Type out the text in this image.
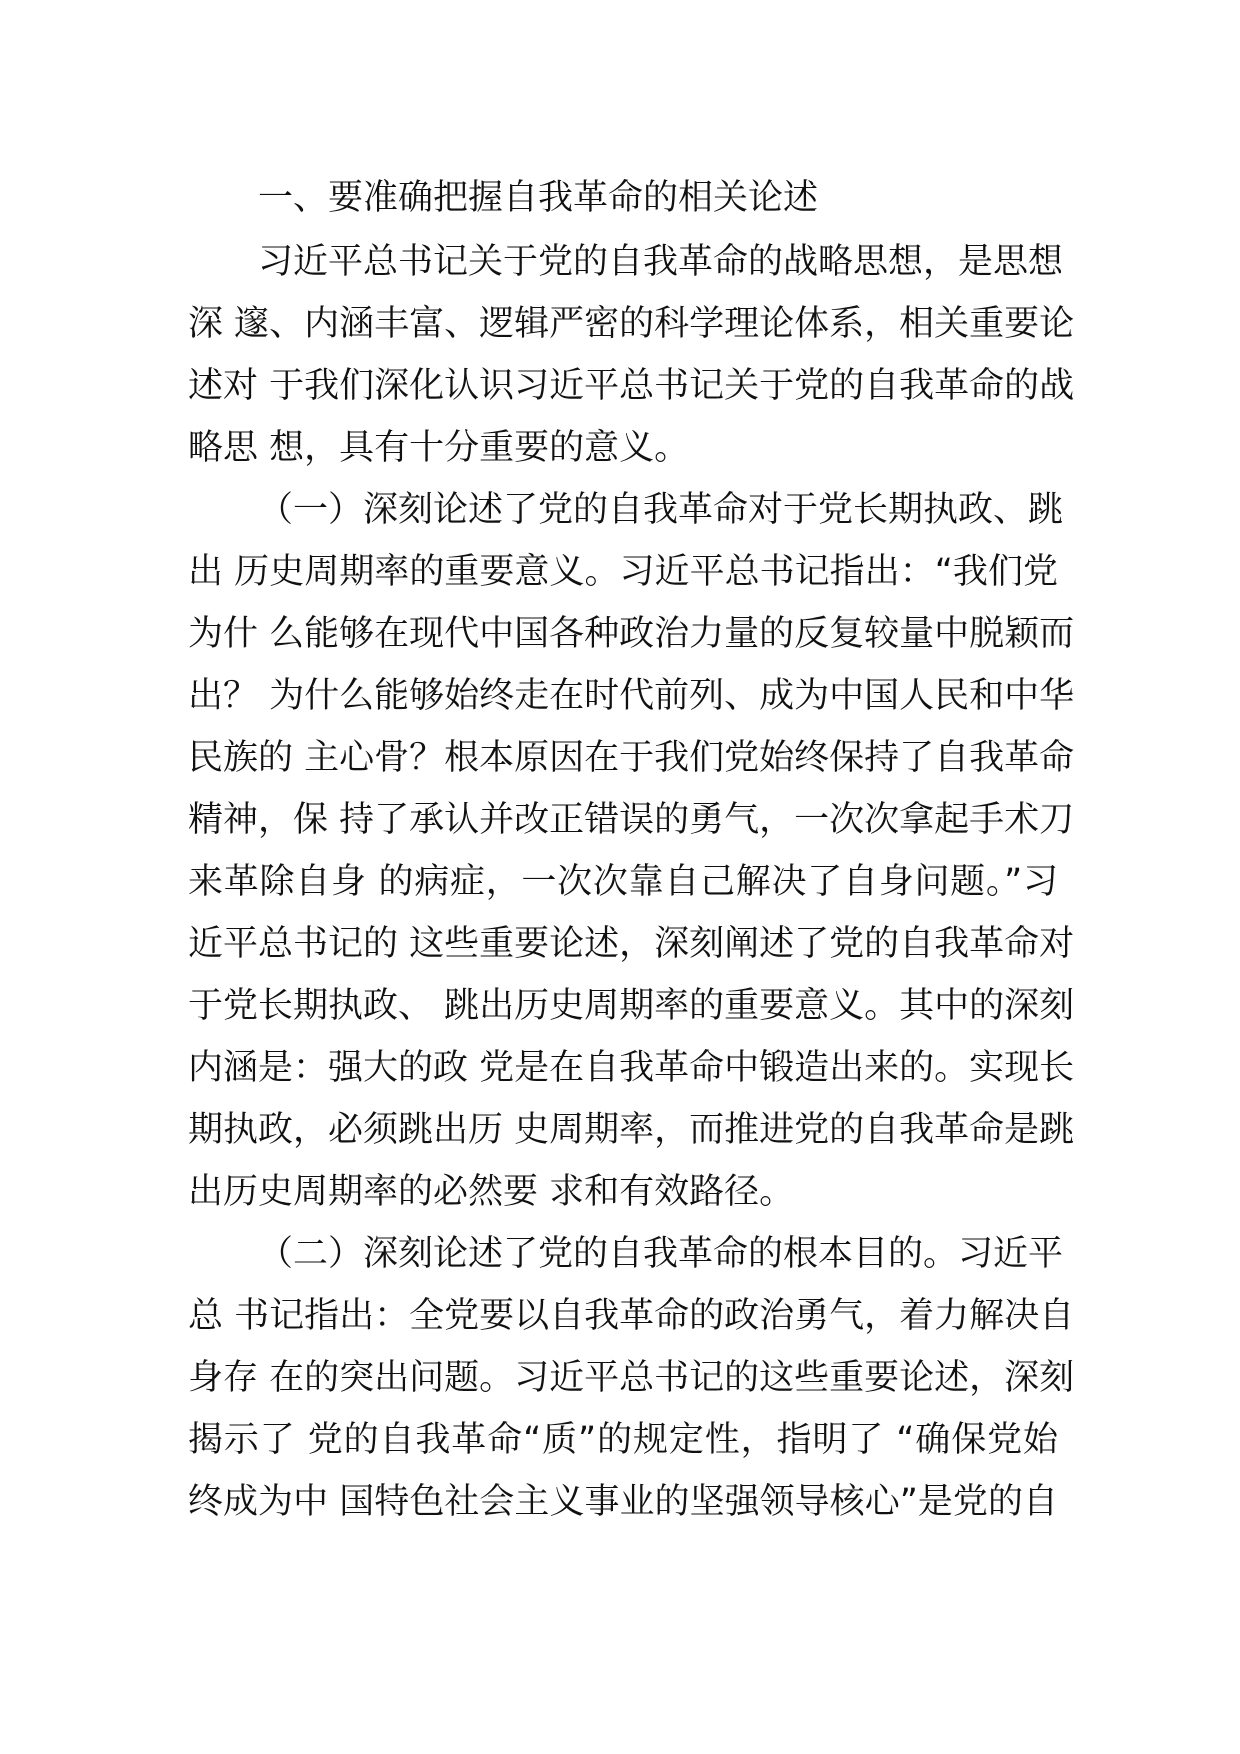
一、要准确把握自我革命的相关论述
习近平总书记关于党的自我革命的战略思想，是思想
深 邃、内涵丰富、逻辑严密的科学理论体系，相关重要论
述对 于我们深化认识习近平总书记关于党的自我革命的战
略思 想，具有十分重要的意义。
（一）深刻论述了党的自我革命对于党长期执政、跳
出 历史周期率的重要意义。习近平总书记指出：“我们党
为什 么能够在现代中国各种政治力量的反复较量中脱颖而
出？ 为什么能够始终走在时代前列、成为中国人民和中华
民族的 主心骨？根本原因在于我们党始终保持了自我革命
精神，保 持了承认并改正错误的勇气，一次次拿起手术刀
来革除自身 的病症，一次次靠自己解决了自身问题。”习
近平总书记的 这些重要论述，深刻阐述了党的自我革命对
于党长期执政、 跳出历史周期率的重要意义。其中的深刻
内涵是：强大的政 党是在自我革命中锻造出来的。实现长
期执政，必须跳出历 史周期率，而推进党的自我革命是跳
出历史周期率的必然要 求和有效路径。
（二）深刻论述了党的自我革命的根本目的。习近平
总 书记指出：全党要以自我革命的政治勇气，着力解决自
身存 在的突出问题。习近平总书记的这些重要论述，深刻
揭示了 党的自我革命“质”的规定性，指明了 “确保党始
终成为中 国特色社会主义事业的坚强领导核心”是党的自
